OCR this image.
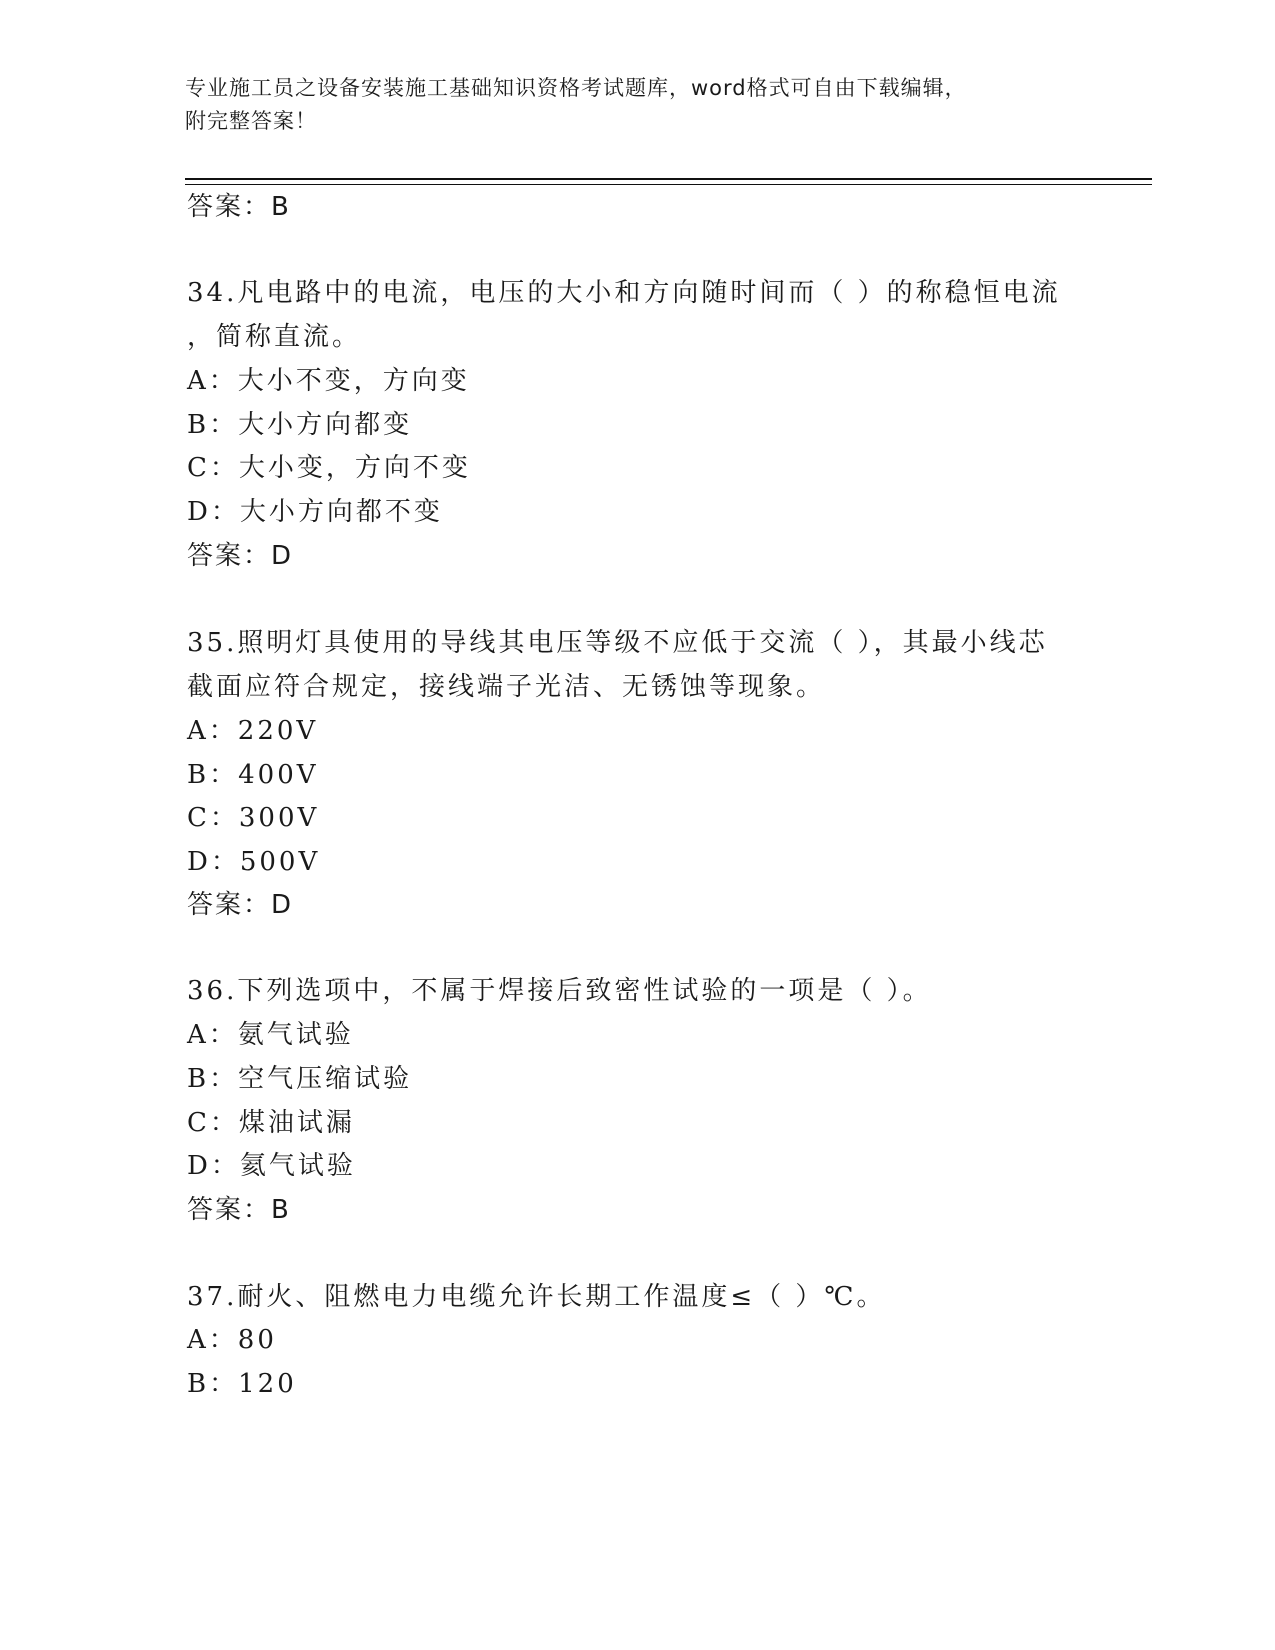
专业施工员之设备安装施工基础知识资格考试题库，word格式可自由下载编辑，
附完整答案！
答案：B
34.凡电路中的电流，电压的大小和方向随时间而（ ）的称稳恒电流
，简称直流。
A：大小不变，方向变
B：大小方向都变
C：大小变，方向不变
D：大小方向都不变
答案：D
35.照明灯具使用的导线其电压等级不应低于交流（ ），其最小线芯
截面应符合规定，接线端子光洁、无锈蚀等现象。
A：220V
B：400V
C：300V
D：500V
答案：D
36.下列选项中，不属于焊接后致密性试验的一项是（ ）。
A：氨气试验
B：空气压缩试验
C：煤油试漏
D：氦气试验
答案：B
37.耐火、阻燃电力电缆允许长期工作温度≤（ ）℃。
A：80
B：120
